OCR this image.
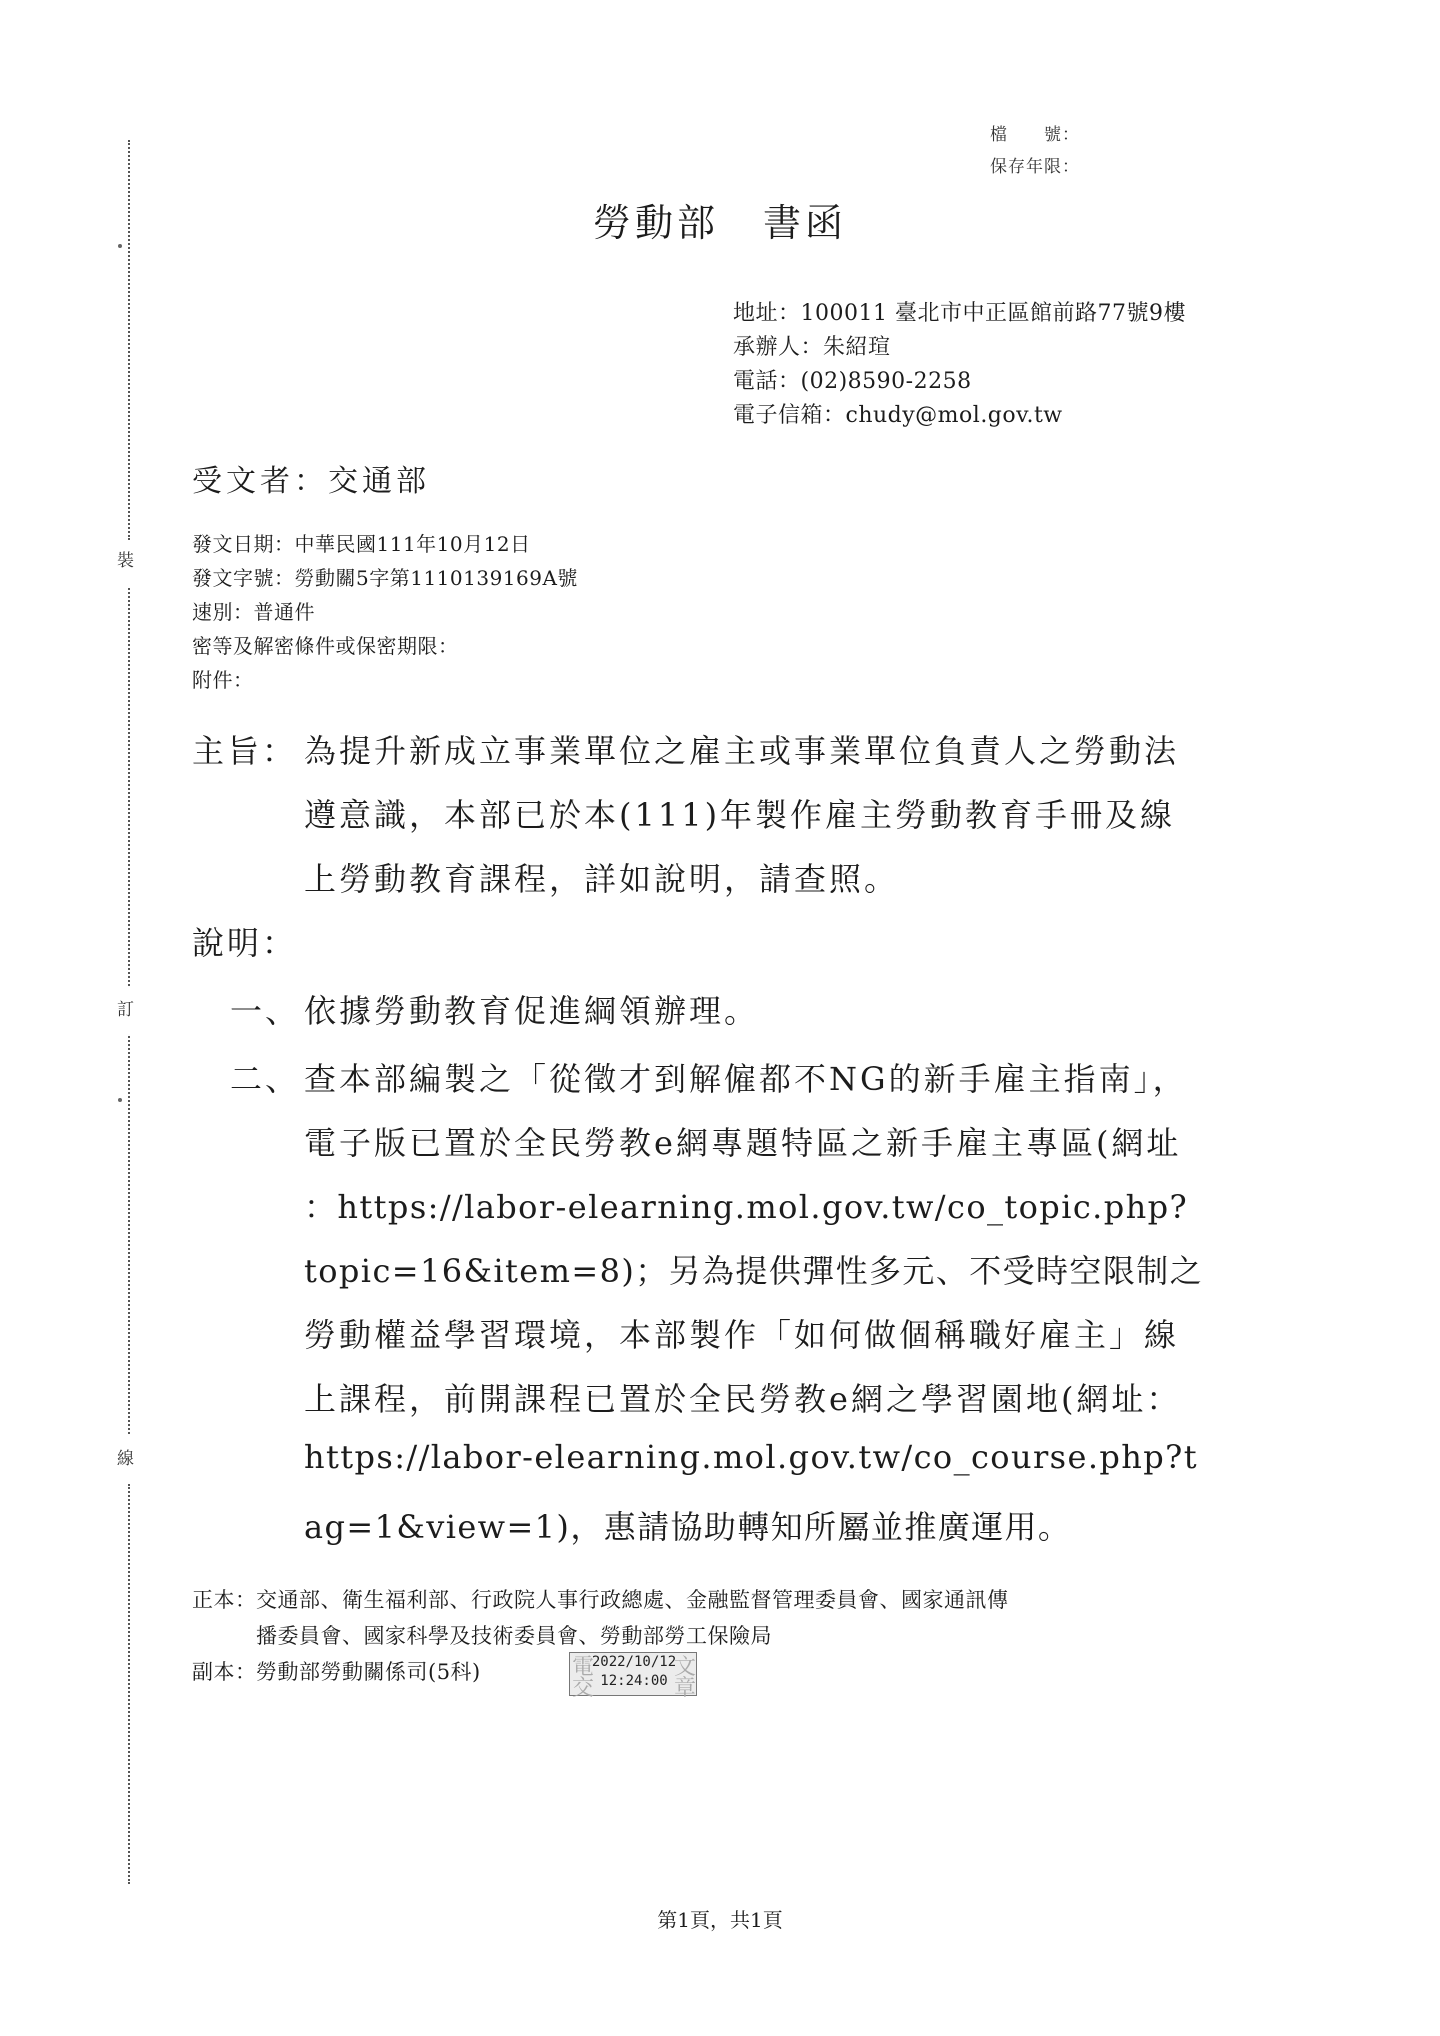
裝
訂
線
檔　　號：
保存年限：
勞動部 書函
地址：100011 臺北市中正區館前路77號9樓
承辦人：朱紹瑄
電話：(02)8590-2258
電子信箱：chudy@mol.gov.tw
受文者：交通部
發文日期：中華民國111年10月12日
發文字號：勞動關5字第1110139169A號
速別：普通件
密等及解密條件或保密期限：
附件：
主旨： 為提升新成立事業單位之雇主或事業單位負責人之勞動法
遵意識，本部已於本(111)年製作雇主勞動教育手冊及線
上勞動教育課程，詳如說明，請查照。
說明：
一、 依據勞動教育促進綱領辦理。
二、 查本部編製之「從徵才到解僱都不NG的新手雇主指南」，
電子版已置於全民勞教e網專題特區之新手雇主專區(網址
：https://labor-elearning.mol.gov.tw/co_topic.php?
topic=16&item=8)；另為提供彈性多元、不受時空限制之
勞動權益學習環境，本部製作「如何做個稱職好雇主」線
上課程，前開課程已置於全民勞教e網之學習園地(網址：
https://labor-elearning.mol.gov.tw/co_course.php?t
ag=1&view=1)，惠請協助轉知所屬並推廣運用。
正本： 交通部、衛生福利部、行政院人事行政總處、金融監督管理委員會、國家通訊傳
播委員會、國家科學及技術委員會、勞動部勞工保險局
副本： 勞動部勞動關係司(5科)	電	文
交	章
2022/10/12
12:24:00
第1頁，共1頁
